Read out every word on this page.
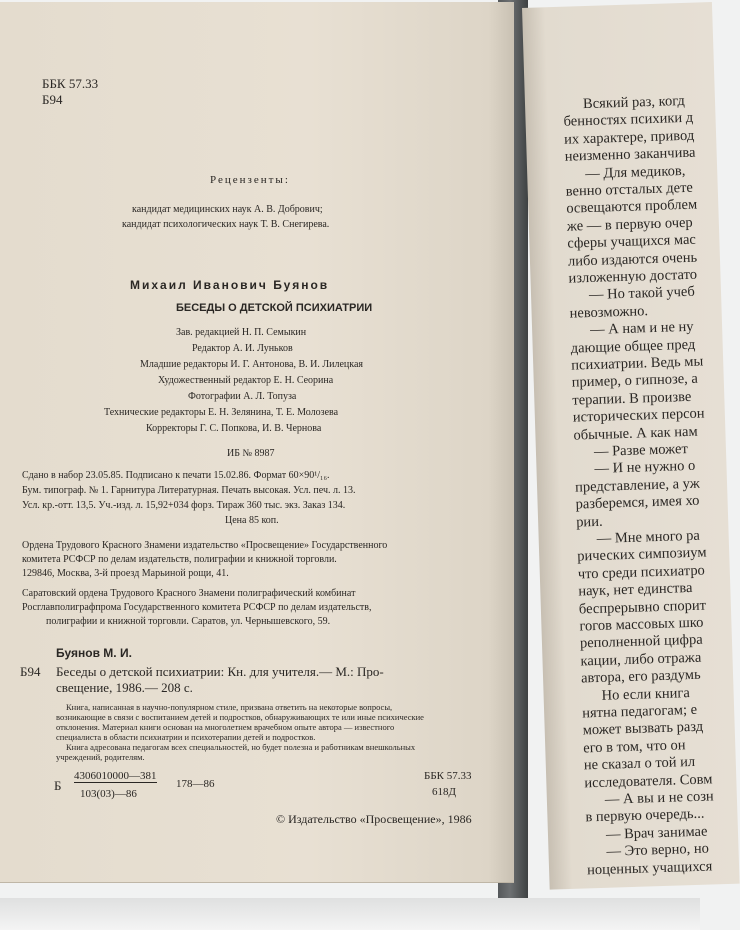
ББК 57.33
Б94
Рецензенты:
кандидат медицинских наук А. В. Добрович;
кандидат психологических наук Т. В. Снегирева.
Михаил Иванович Буянов
БЕСЕДЫ О ДЕТСКОЙ ПСИХИАТРИИ
Зав. редакцией Н. П. Семыкин
Редактор А. И. Луньков
Младшие редакторы И. Г. Антонова, В. И. Лилецкая
Художественный редактор Е. Н. Сеорина
Фотографии А. Л. Топуза
Технические редакторы Е. Н. Зелянина, Т. Е. Молозева
Корректоры Г. С. Попкова, И. В. Чернова
ИБ № 8987
Сдано в набор 23.05.85. Подписано к печати 15.02.86. Формат 60×90¹/₁₆.
Бум. типограф. № 1. Гарнитура Литературная. Печать высокая. Усл. печ. л. 13.
Усл. кр.-отт. 13,5. Уч.-изд. л. 15,92+034 форз. Тираж 360 тыс. экз. Заказ 134.
Цена 85 коп.
Ордена Трудового Красного Знамени издательство «Просвещение» Государственного
комитета РСФСР по делам издательств, полиграфии и книжной торговли.
129846, Москва, 3-й проезд Марьиной рощи, 41.
Саратовский ордена Трудового Красного Знамени полиграфический комбинат
Росглавполиграфпрома Государственного комитета РСФСР по делам издательств,
полиграфии и книжной торговли. Саратов, ул. Чернышевского, 59.
Буянов М. И.
Б94 Беседы о детской психиатрии: Кн. для учителя.— М.: Про-
свещение, 1986.— 208 с.
Книга, написанная в научно-популярном стиле, призвана ответить на некоторые вопросы,
возникающие в связи с воспитанием детей и подростков, обнаруживающих те или иные психические
отклонения. Материал книги основан на многолетнем врачебном опыте автора — известного
специалиста в области психиатрии и психотерапии детей и подростков.
Книга адресована педагогам всех специальностей, но будет полезна и работникам внешкольных
учреждений, родителям.
Б
4306010000—381
103(03)—86
178—86
ББК 57.33
618Д
© Издательство «Просвещение», 1986
Всякий раз, когд
бенностях психики д
их характере, привод
неизменно заканчива
— Для медиков,
венно отсталых дете
освещаются проблем
же — в первую очер
сферы учащихся мас
либо издаются очень
изложенную достато
— Но такой учеб
невозможно.
— А нам и не ну
дающие общее пред
психиатрии. Ведь мы
пример, о гипнозе, а
терапии. В произве
исторических персон
обычные. А как нам
— Разве может
— И не нужно о
представление, а уж
разберемся, имея хо
рии.
— Мне много ра
рических симпозиум
что среди психиатро
наук, нет единства
беспрерывно спорит
гогов массовых шко
реполненной цифра
кации, либо отража
автора, его раздумь
Но если книга
нятна педагогам; е
может вызвать разд
его в том, что он
не сказал о той ил
исследователя. Совм
— А вы и не созн
в первую очередь...
— Врач занимае
— Это верно, но
ноценных учащихся
